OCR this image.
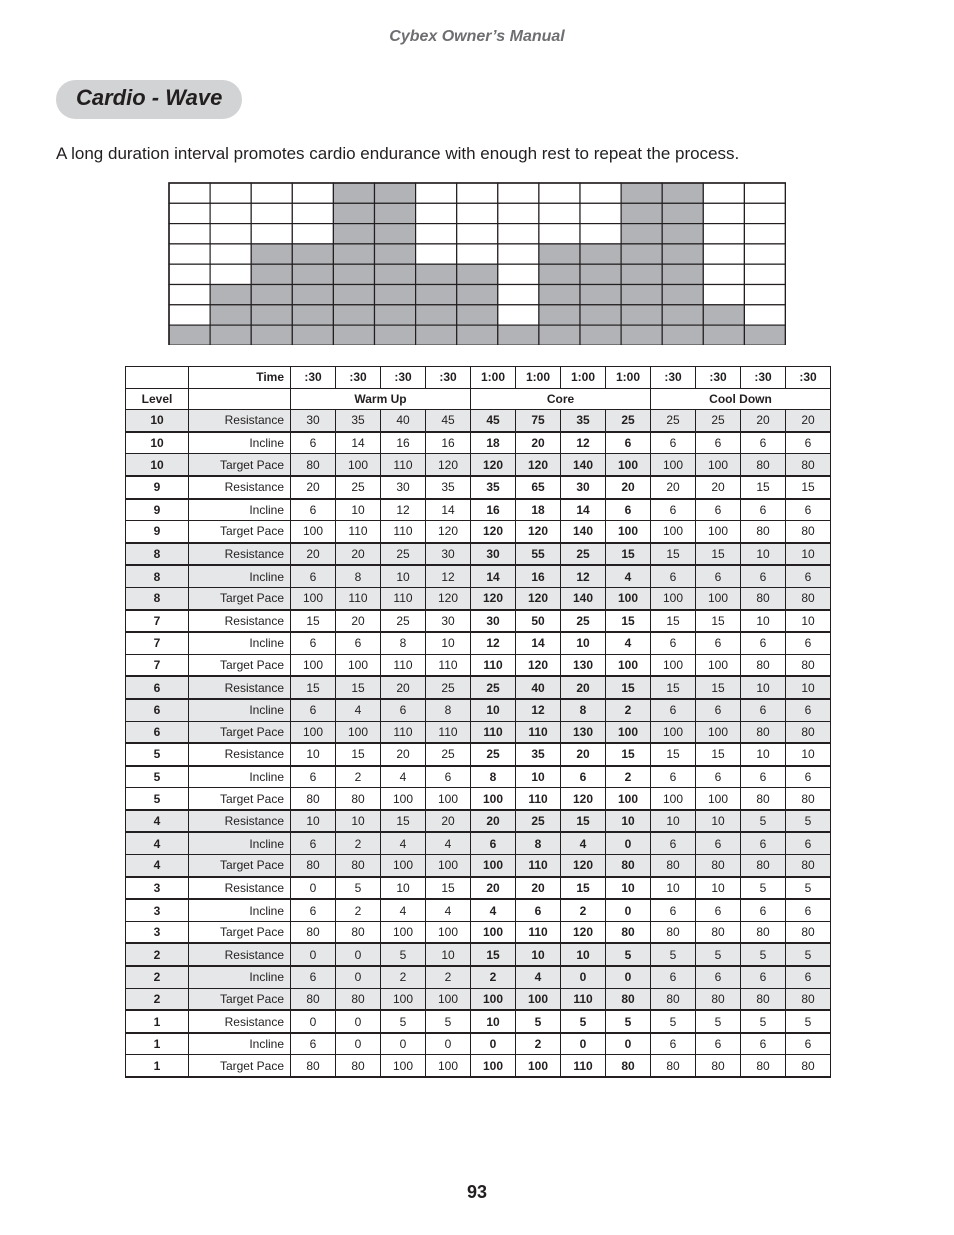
Cybex Owner’s Manual
Cardio - Wave
A long duration interval promotes cardio endurance with enough rest to repeat the process.
	Time	:30	:30	:30	:30	1:00	1:00	1:00	1:00	:30	:30	:30	:30
Level		Warm Up				Core				Cool Down			
10	Resistance	30	35	40	45	45	75	35	25	25	25	20	20
10	Incline	6	14	16	16	18	20	12	6	6	6	6	6
10	Target Pace	80	100	110	120	120	120	140	100	100	100	80	80
9	Resistance	20	25	30	35	35	65	30	20	20	20	15	15
9	Incline	6	10	12	14	16	18	14	6	6	6	6	6
9	Target Pace	100	110	110	120	120	120	140	100	100	100	80	80
8	Resistance	20	20	25	30	30	55	25	15	15	15	10	10
8	Incline	6	8	10	12	14	16	12	4	6	6	6	6
8	Target Pace	100	110	110	120	120	120	140	100	100	100	80	80
7	Resistance	15	20	25	30	30	50	25	15	15	15	10	10
7	Incline	6	6	8	10	12	14	10	4	6	6	6	6
7	Target Pace	100	100	110	110	110	120	130	100	100	100	80	80
6	Resistance	15	15	20	25	25	40	20	15	15	15	10	10
6	Incline	6	4	6	8	10	12	8	2	6	6	6	6
6	Target Pace	100	100	110	110	110	110	130	100	100	100	80	80
5	Resistance	10	15	20	25	25	35	20	15	15	15	10	10
5	Incline	6	2	4	6	8	10	6	2	6	6	6	6
5	Target Pace	80	80	100	100	100	110	120	100	100	100	80	80
4	Resistance	10	10	15	20	20	25	15	10	10	10	5	5
4	Incline	6	2	4	4	6	8	4	0	6	6	6	6
4	Target Pace	80	80	100	100	100	110	120	80	80	80	80	80
3	Resistance	0	5	10	15	20	20	15	10	10	10	5	5
3	Incline	6	2	4	4	4	6	2	0	6	6	6	6
3	Target Pace	80	80	100	100	100	110	120	80	80	80	80	80
2	Resistance	0	0	5	10	15	10	10	5	5	5	5	5
2	Incline	6	0	2	2	2	4	0	0	6	6	6	6
2	Target Pace	80	80	100	100	100	100	110	80	80	80	80	80
1	Resistance	0	0	5	5	10	5	5	5	5	5	5	5
1	Incline	6	0	0	0	0	2	0	0	6	6	6	6
1	Target Pace	80	80	100	100	100	100	110	80	80	80	80	80
93
